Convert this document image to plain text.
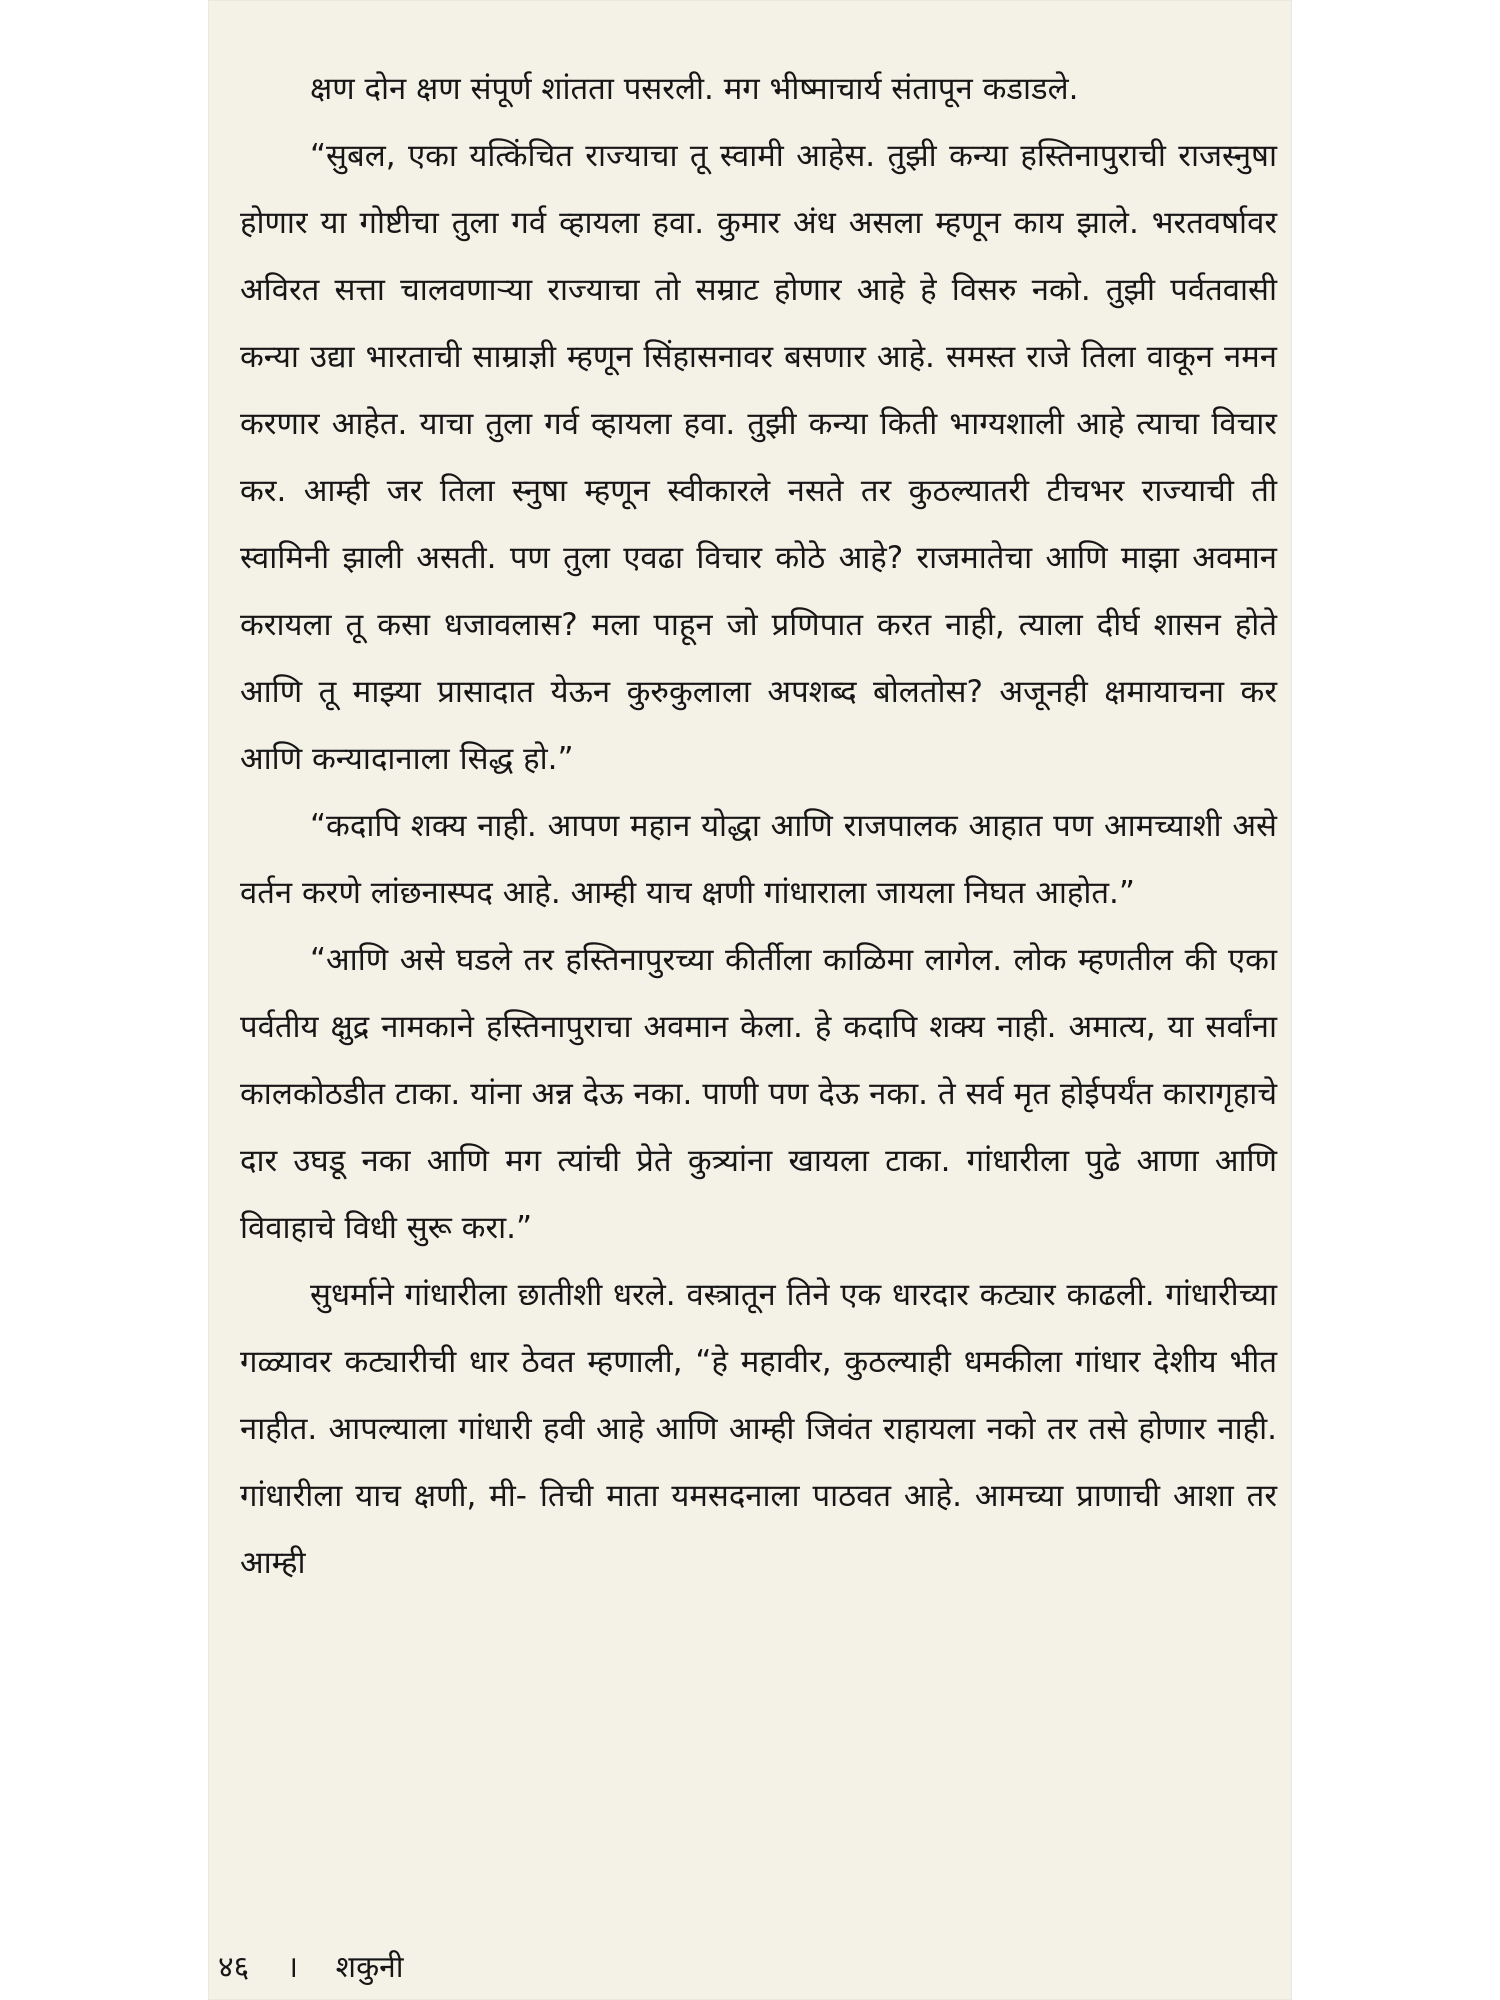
क्षण दोन क्षण संपूर्ण शांतता पसरली. मग भीष्माचार्य संतापून कडाडले.

“सुबल, एका यत्किंचित राज्याचा तू स्वामी आहेस. तुझी कन्या हस्तिनापुराची राजस्नुषा होणार या गोष्टीचा तुला गर्व व्हायला हवा. कुमार अंध असला म्हणून काय झाले. भरतवर्षावर अविरत सत्ता चालवणाऱ्या राज्याचा तो सम्राट होणार आहे हे विसरु नको. तुझी पर्वतवासी कन्या उद्या भारताची साम्राज्ञी म्हणून सिंहासनावर बसणार आहे. समस्त राजे तिला वाकून नमन करणार आहेत. याचा तुला गर्व व्हायला हवा. तुझी कन्या किती भाग्यशाली आहे त्याचा विचार कर. आम्ही जर तिला स्नुषा म्हणून स्वीकारले नसते तर कुठल्यातरी टीचभर राज्याची ती स्वामिनी झाली असती. पण तुला एवढा विचार कोठे आहे? राजमातेचा आणि माझा अवमान करायला तू कसा धजावलास? मला पाहून जो प्रणिपात करत नाही, त्याला दीर्घ शासन होते आणि तू माझ्या प्रासादात येऊन कुरुकुलाला अपशब्द बोलतोस? अजूनही क्षमायाचना कर आणि कन्यादानाला सिद्ध हो.”

“कदापि शक्य नाही. आपण महान योद्धा आणि राजपालक आहात पण आमच्याशी असे वर्तन करणे लांछनास्पद आहे. आम्ही याच क्षणी गांधाराला जायला निघत आहोत.”

“आणि असे घडले तर हस्तिनापुरच्या कीर्तीला काळिमा लागेल. लोक म्हणतील की एका पर्वतीय क्षुद्र नामकाने हस्तिनापुराचा अवमान केला. हे कदापि शक्य नाही. अमात्य, या सर्वांना कालकोठडीत टाका. यांना अन्न देऊ नका. पाणी पण देऊ नका. ते सर्व मृत होईपर्यंत कारागृहाचे दार उघडू नका आणि मग त्यांची प्रेते कुत्र्यांना खायला टाका. गांधारीला पुढे आणा आणि विवाहाचे विधी सुरू करा.”

सुधर्माने गांधारीला छातीशी धरले. वस्त्रातून तिने एक धारदार कट्यार काढली. गांधारीच्या गळ्यावर कट्यारीची धार ठेवत म्हणाली, “हे महावीर, कुठल्याही धमकीला गांधार देशीय भीत नाहीत. आपल्याला गांधारी हवी आहे आणि आम्ही जिवंत राहायला नको तर तसे होणार नाही. गांधारीला याच क्षणी, मी- तिची माता यमसदनाला पाठवत आहे. आमच्या प्राणाची आशा तर आम्ही

४६ । शकुनी
